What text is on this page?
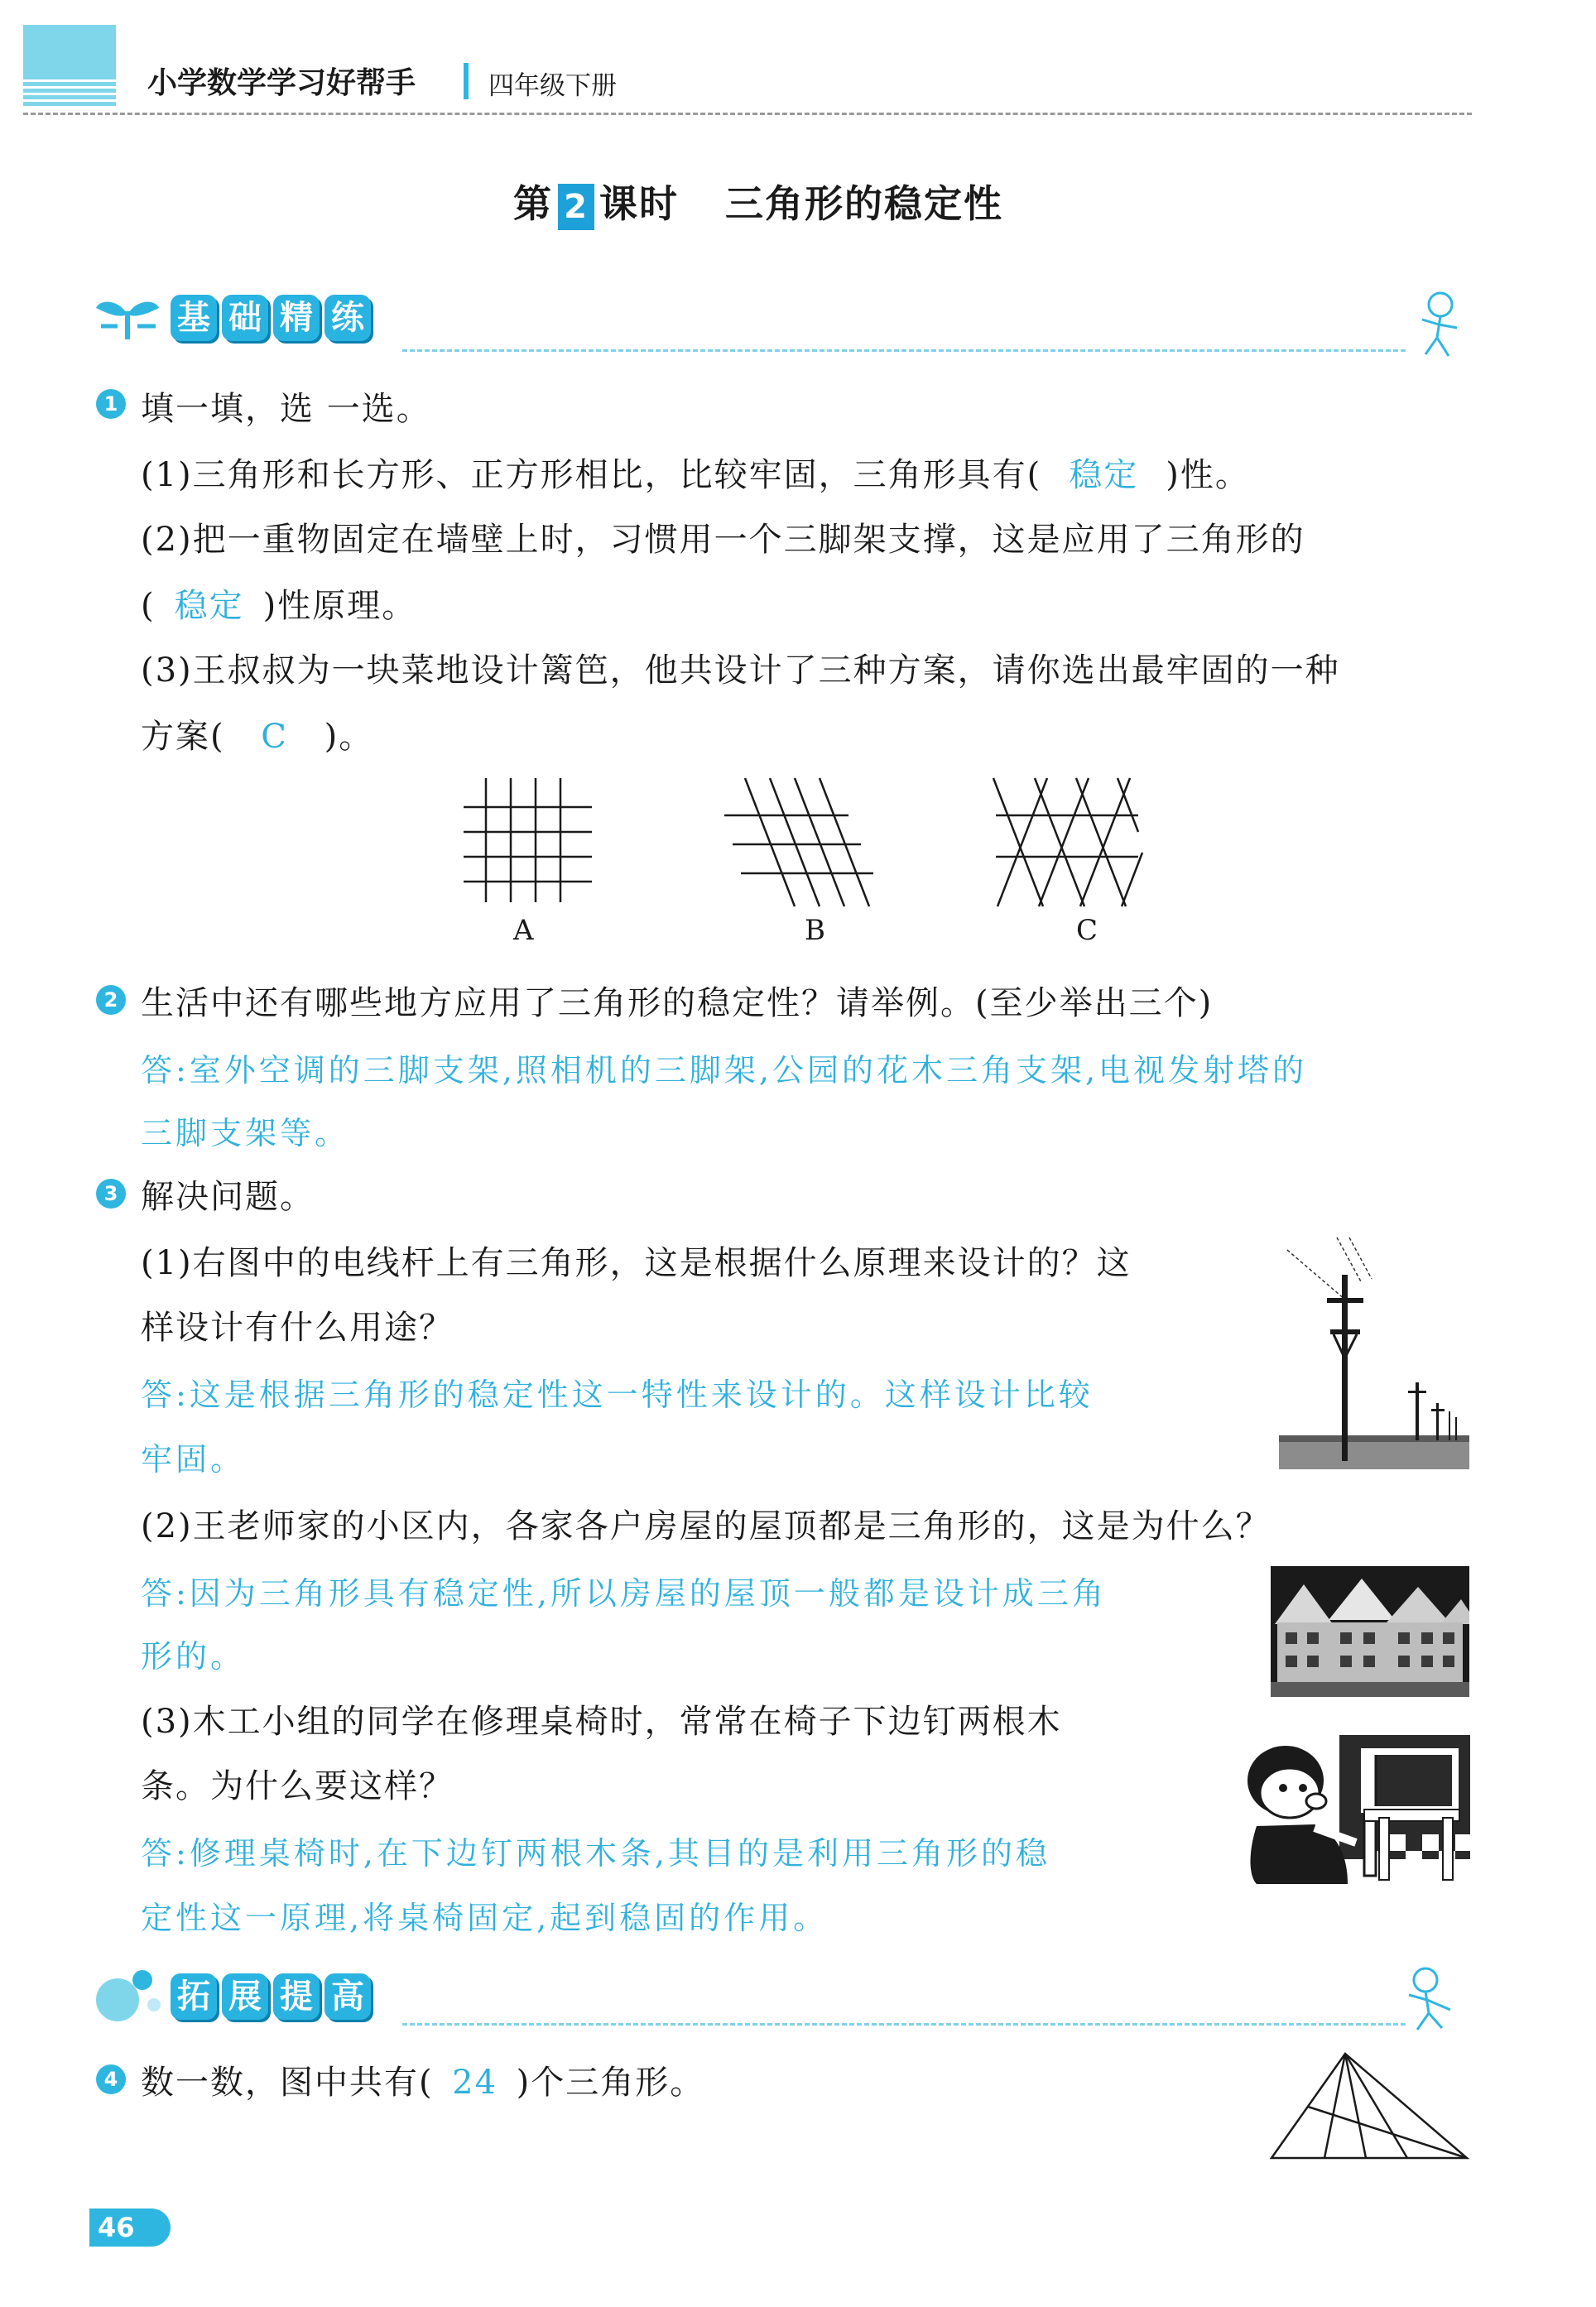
小学数学学习好帮手	四年级下册
第 2 课时 三角形的稳定性
基 础 精 练
1 填一填，选 一选。
(1)三角形和长方形、正方形相比，比较牢固，三角形具有( 稳定 )性。
(2)把一重物固定在墙壁上时，习惯用一个三脚架支撑，这是应用了三角形的
( 稳定 )性原理。
(3)王叔叔为一块菜地设计篱笆，他共设计了三种方案，请你选出最牢固的一种
方案( C )。
A	B	C
2 生活中还有哪些地方应用了三角形的稳定性？请举例。(至少举出三个)
答:室外空调的三脚支架,照相机的三脚架,公园的花木三角支架,电视发射塔的
三脚支架等。
3 解决问题。
(1)右图中的电线杆上有三角形，这是根据什么原理来设计的？这
样设计有什么用途？
答:这是根据三角形的稳定性这一特性来设计的。这样设计比较
牢固。
(2)王老师家的小区内，各家各户房屋的屋顶都是三角形的，这是为什么？
答:因为三角形具有稳定性,所以房屋的屋顶一般都是设计成三角
形的。
(3)木工小组的同学在修理桌椅时，常常在椅子下边钉两根木
条。为什么要这样？
答:修理桌椅时,在下边钉两根木条,其目的是利用三角形的稳
定性这一原理,将桌椅固定,起到稳固的作用。
拓 展 提 高
4 数一数，图中共有( 24 )个三角形。
46
